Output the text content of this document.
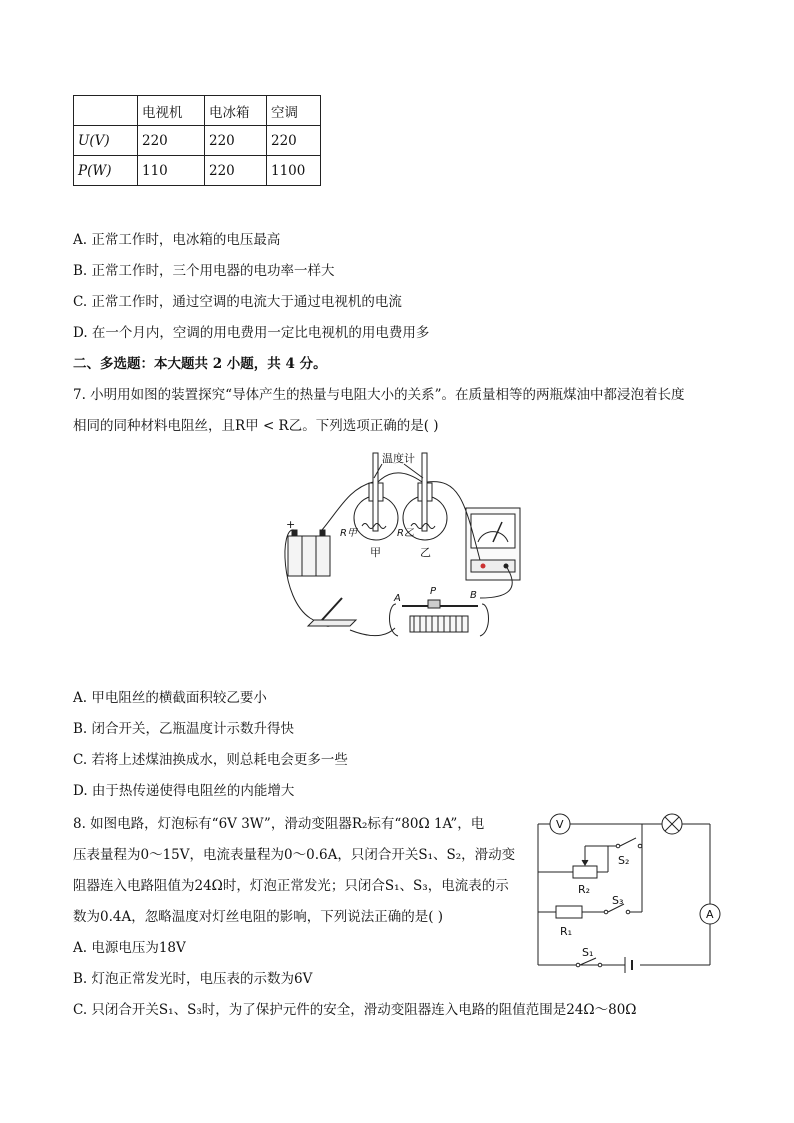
	电视机	电冰箱	空调
U(V)	220	220	220
P(W)	110	220	1100
A. 正常工作时，电冰箱的电压最高
B. 正常工作时，三个用电器的电功率一样大
C. 正常工作时，通过空调的电流大于通过电视机的电流
D. 在一个月内，空调的用电费用一定比电视机的用电费用多
二、多选题：本大题共 2 小题，共 4 分。
7. 小明用如图的装置探究“导体产生的热量与电阻大小的关系”。在质量相等的两瓶煤油中都浸泡着长度
相同的同种材料电阻丝，且R甲 < R乙。下列选项正确的是( )
温度计
R甲	R乙
甲	乙
+
A
P	B
A. 甲电阻丝的横截面积较乙要小
B. 闭合开关，乙瓶温度计示数升得快
C. 若将上述煤油换成水，则总耗电会更多一些
D. 由于热传递使得电阻丝的内能增大
8. 如图电路，灯泡标有“6V 3W”，滑动变阻器R₂标有“80Ω 1A”，电
压表量程为0～15V，电流表量程为0～0.6A，只闭合开关S₁、S₂，滑动变
阻器连入电路阻值为24Ω时，灯泡正常发光；只闭合S₁、S₃，电流表的示
数为0.4A，忽略温度对灯丝电阻的影响，下列说法正确的是( )
V
A
S₂
R₂
S₃
R₁
S₁
A. 电源电压为18V
B. 灯泡正常发光时，电压表的示数为6V
C. 只闭合开关S₁、S₃时，为了保护元件的安全，滑动变阻器连入电路的阻值范围是24Ω～80Ω
